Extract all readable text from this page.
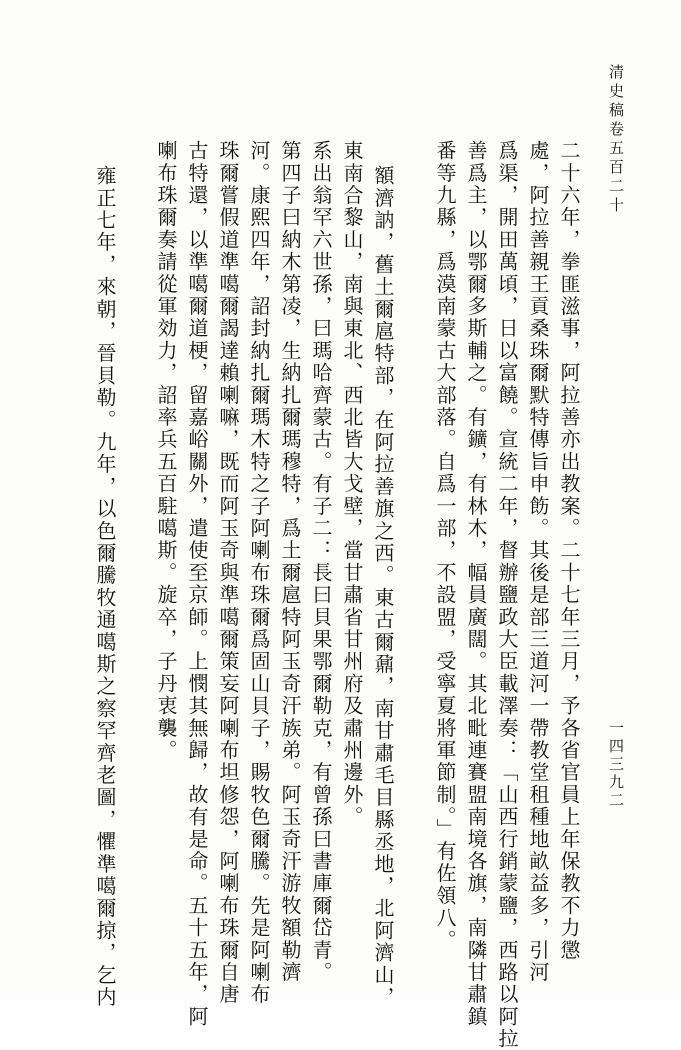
清史稿卷五百二十
一四三九二
二十六年，拳匪滋事，阿拉善亦出教案。二十七年三月，予各省官員上年保教不力懲
處，阿拉善親王貢桑珠爾默特傳旨申飭。其後是部三道河一帶教堂租種地畝益多，引河
爲渠，開田萬頃，日以富饒。宣統二年，督辦鹽政大臣載澤奏：「山西行銷蒙鹽，西路以阿拉
善爲主，以鄂爾多斯輔之。有鑛，有林木，幅員廣闊。其北毗連賽盟南境各旗，南隣甘肅鎮
番等九縣，爲漠南蒙古大部落。自爲一部，不設盟，受寧夏將軍節制。」有佐領八。
額濟訥，舊土爾扈特部，在阿拉善旗之西。東古爾鼐，南甘肅毛目縣丞地，北阿濟山，
東南合黎山，南與東北、西北皆大戈壁，當甘肅省甘州府及肅州邊外。
系出翁罕六世孫，曰瑪哈齊蒙古。有子二：長曰貝果鄂爾勒克，有曾孫曰書庫爾岱青。
第四子曰納木第凌，生納扎爾瑪穆特，爲土爾扈特阿玉奇汗族弟。阿玉奇汗游牧額勒濟
河。康熙四年，詔封納扎爾瑪木特之子阿喇布珠爾爲固山貝子，賜牧色爾騰。先是阿喇布
珠爾嘗假道準噶爾謁達賴喇嘛，既而阿玉奇與準噶爾策妄阿喇布坦修怨，阿喇布珠爾自唐
古特還，以準噶爾道梗，留嘉峪關外，遣使至京師。上憫其無歸，故有是命。五十五年，阿
喇布珠爾奏請從軍効力，詔率兵五百駐噶斯。旋卒，子丹衷襲。
雍正七年，來朝，晉貝勒。九年，以色爾騰牧通噶斯之察罕齊老圖，懼準噶爾掠，乞内
